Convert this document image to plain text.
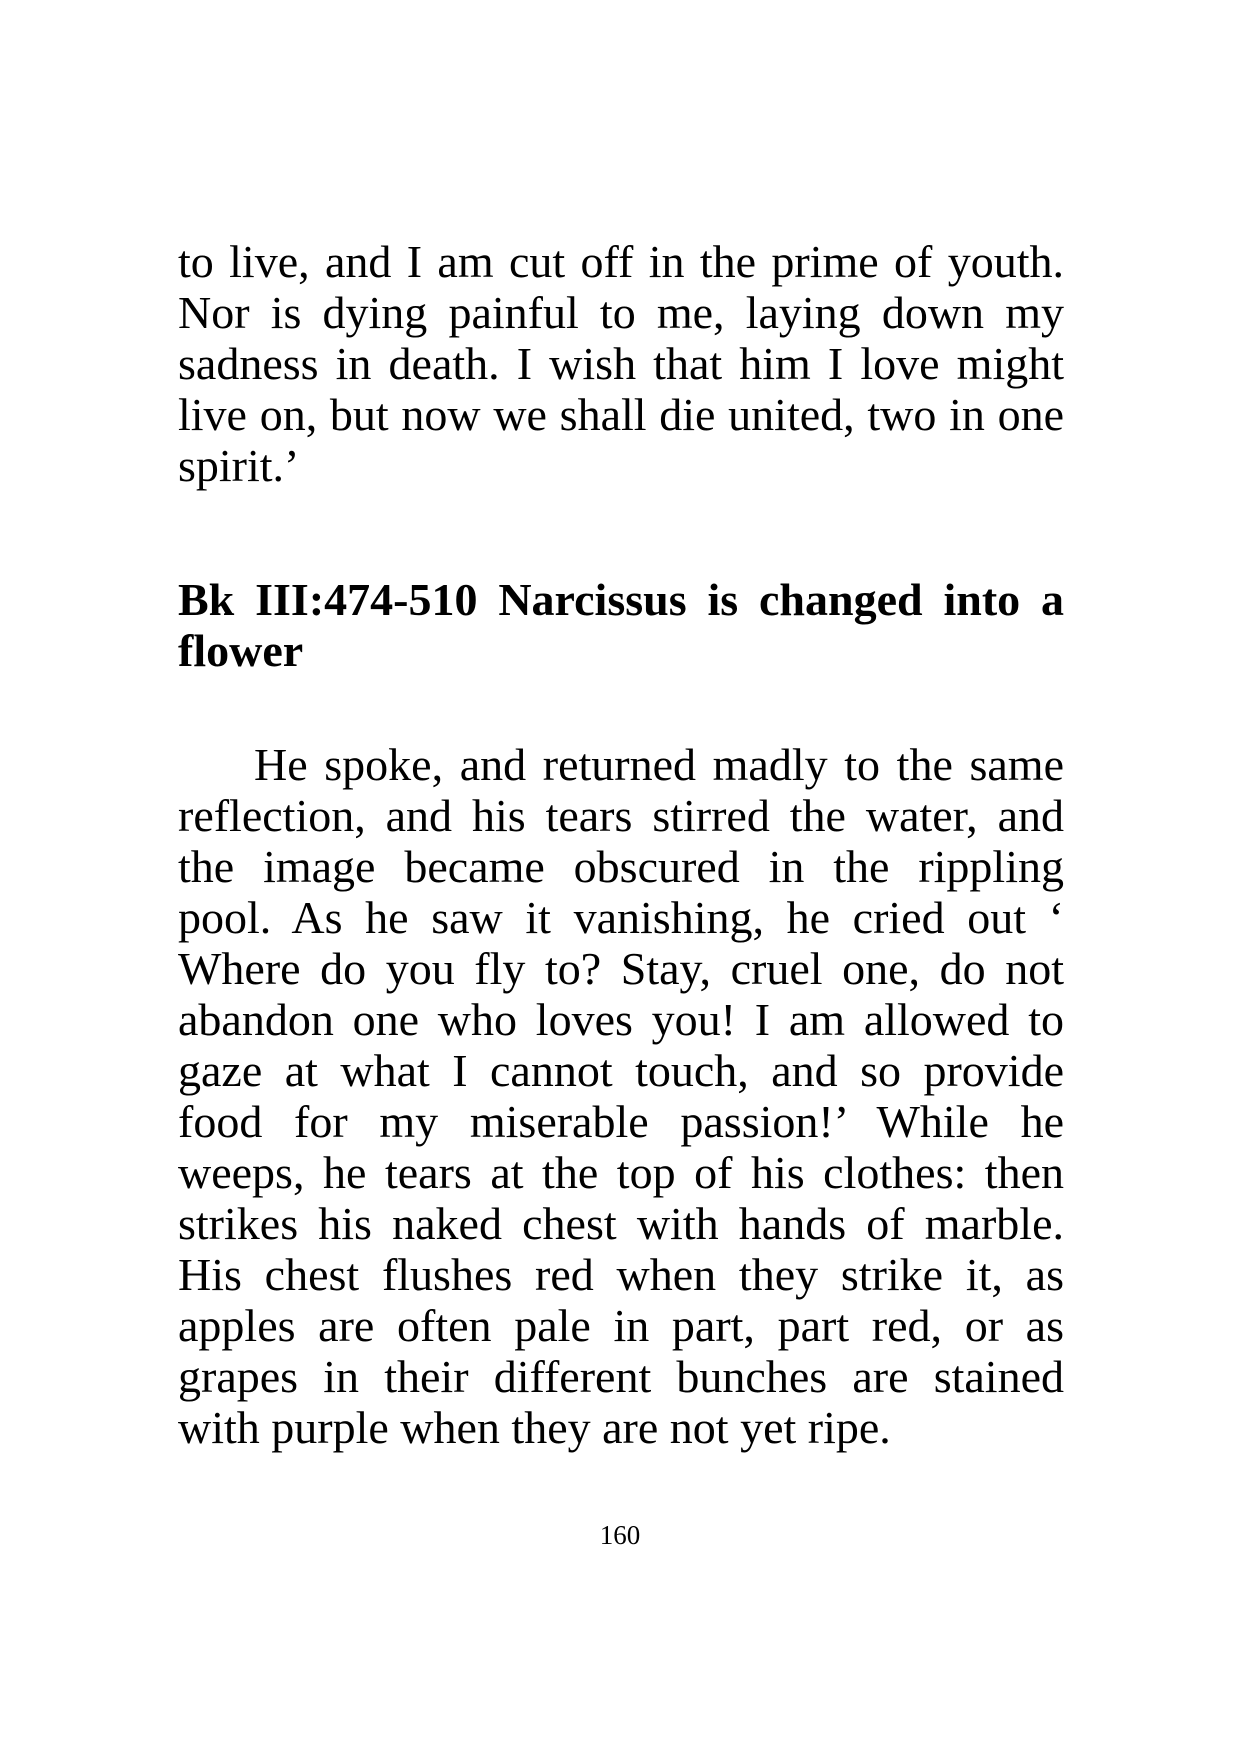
to live, and I am cut off in the prime of youth. Nor is dying painful to me, laying down my sadness in death. I wish that him I love might live on, but now we shall die united, two in one spirit.’

Bk III:474-510 Narcissus is changed into a flower

He spoke, and returned madly to the same reflection, and his tears stirred the water, and the image became obscured in the rippling pool. As he saw it vanishing, he cried out ‘ Where do you fly to? Stay, cruel one, do not abandon one who loves you! I am allowed to gaze at what I cannot touch, and so provide food for my miserable passion!’ While he weeps, he tears at the top of his clothes: then strikes his naked chest with hands of marble. His chest flushes red when they strike it, as apples are often pale in part, part red, or as grapes in their different bunches are stained with purple when they are not yet ripe.

160
